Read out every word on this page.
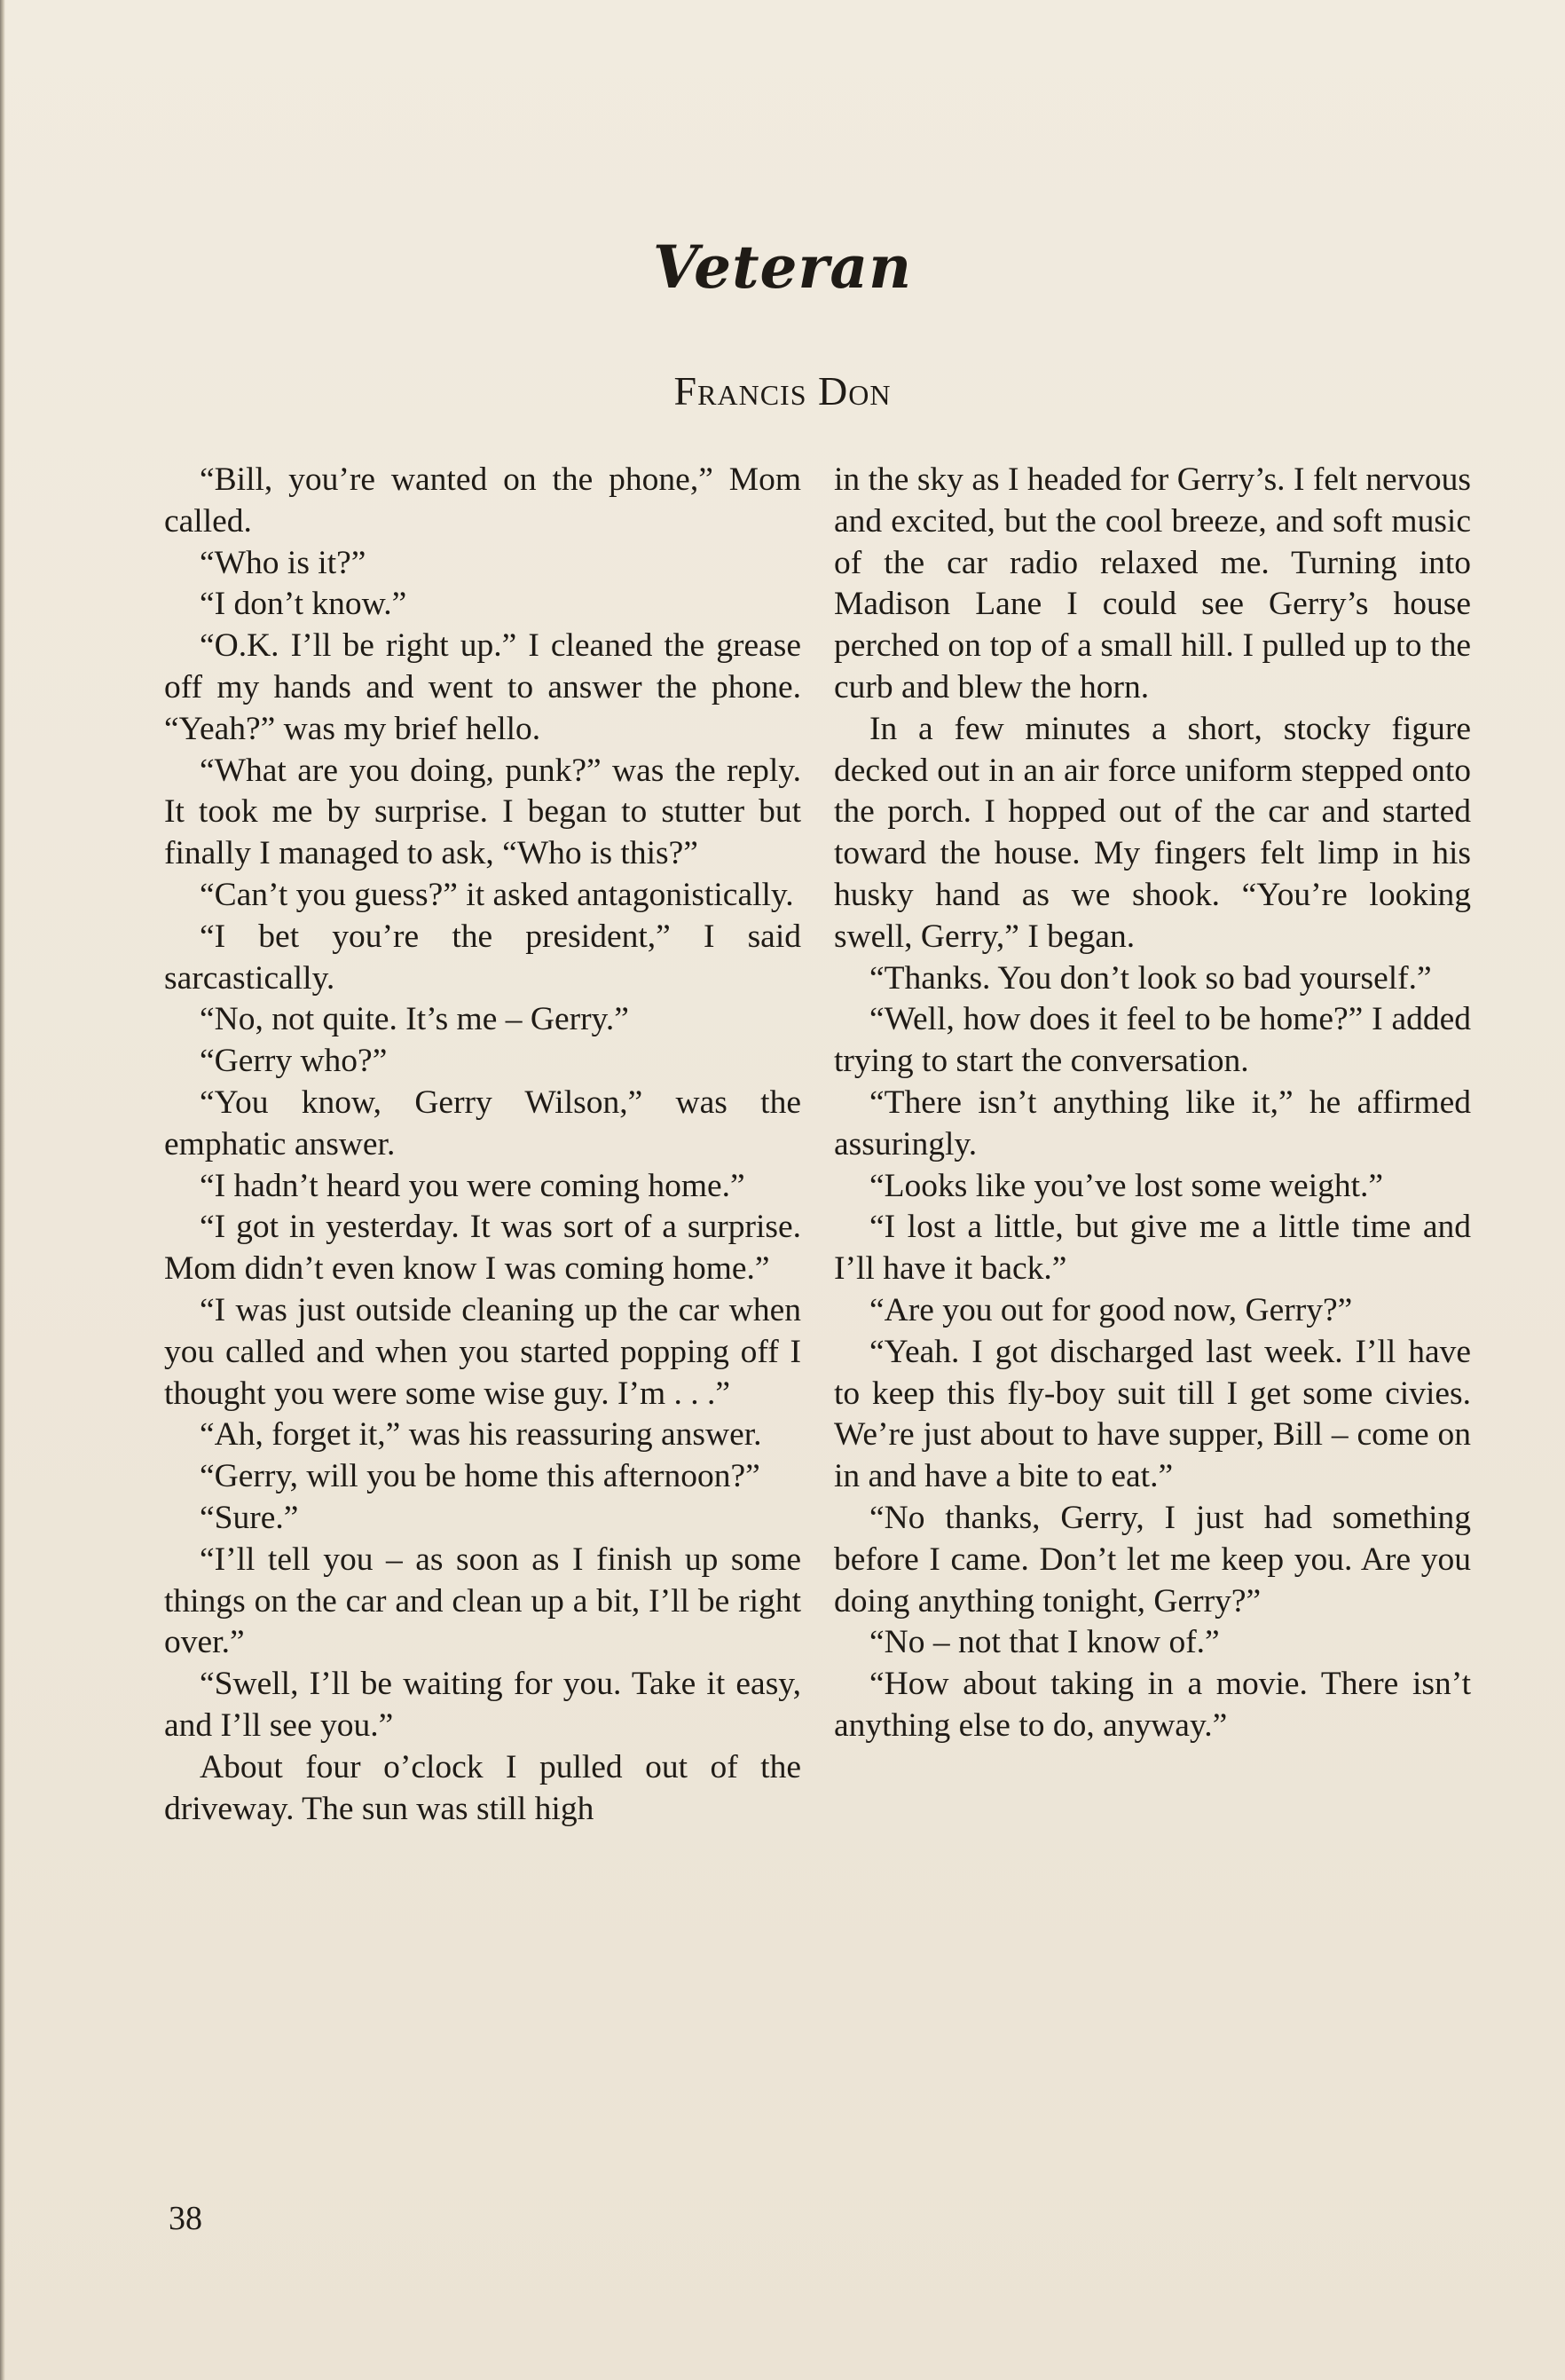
Veteran
Francis Don

“Bill, you’re wanted on the phone,” Mom called.

“Who is it?”

“I don’t know.”

“O.K. I’ll be right up.” I cleaned the grease off my hands and went to answer the phone. “Yeah?” was my brief hello.

“What are you doing, punk?” was the reply. It took me by surprise. I began to stutter but finally I managed to ask, “Who is this?”

“Can’t you guess?” it asked antagonistically.

“I bet you’re the president,” I said sarcastically.

“No, not quite. It’s me – Gerry.”

“Gerry who?”

“You know, Gerry Wilson,” was the emphatic answer.

“I hadn’t heard you were coming home.”

“I got in yesterday. It was sort of a surprise. Mom didn’t even know I was coming home.”

“I was just outside cleaning up the car when you called and when you started popping off I thought you were some wise guy. I’m . . .”

“Ah, forget it,” was his reassuring answer.

“Gerry, will you be home this afternoon?”

“Sure.”

“I’ll tell you – as soon as I finish up some things on the car and clean up a bit, I’ll be right over.”

“Swell, I’ll be waiting for you. Take it easy, and I’ll see you.”

About four o’clock I pulled out of the driveway. The sun was still high

in the sky as I headed for Gerry’s. I felt nervous and excited, but the cool breeze, and soft music of the car radio relaxed me. Turning into Madison Lane I could see Gerry’s house perched on top of a small hill. I pulled up to the curb and blew the horn.

In a few minutes a short, stocky figure decked out in an air force uniform stepped onto the porch. I hopped out of the car and started toward the house. My fingers felt limp in his husky hand as we shook. “You’re looking swell, Gerry,” I began.

“Thanks. You don’t look so bad yourself.”

“Well, how does it feel to be home?” I added trying to start the conversation.

“There isn’t anything like it,” he affirmed assuringly.

“Looks like you’ve lost some weight.”

“I lost a little, but give me a little time and I’ll have it back.”

“Are you out for good now, Gerry?”

“Yeah. I got discharged last week. I’ll have to keep this fly-boy suit till I get some civies. We’re just about to have supper, Bill – come on in and have a bite to eat.”

“No thanks, Gerry, I just had something before I came. Don’t let me keep you. Are you doing anything tonight, Gerry?”

“No – not that I know of.”

“How about taking in a movie. There isn’t anything else to do, anyway.”

38
